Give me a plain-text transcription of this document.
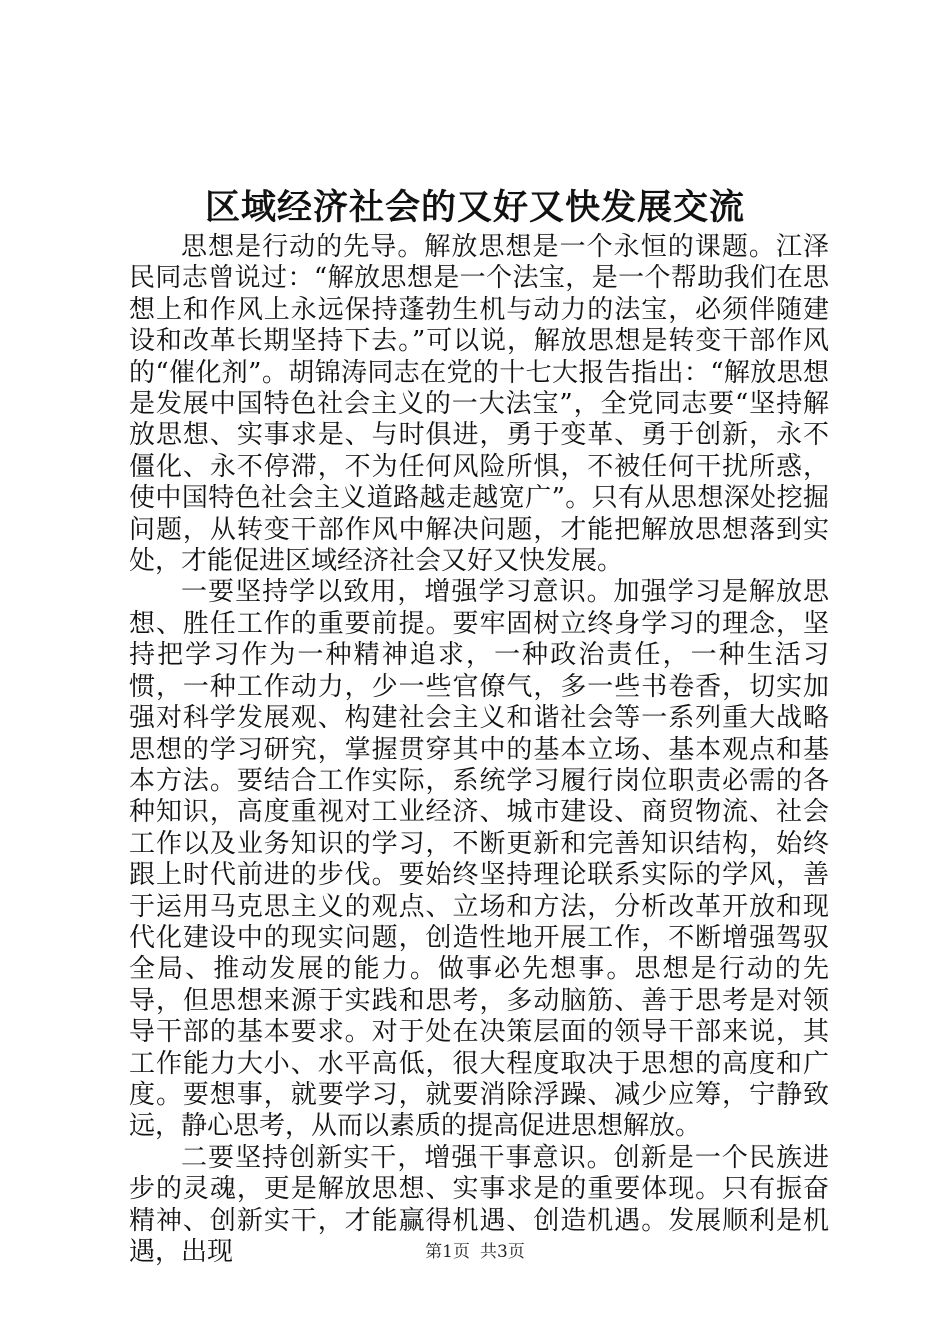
区域经济社会的又好又快发展交流

思想是行动的先导。解放思想是一个永恒的课题。江泽民同志曾说过：“解放思想是一个法宝，是一个帮助我们在思想上和作风上永远保持蓬勃生机与动力的法宝，必须伴随建设和改革长期坚持下去。”可以说，解放思想是转变干部作风的“催化剂”。胡锦涛同志在党的十七大报告指出：“解放思想是发展中国特色社会主义的一大法宝”，全党同志要“坚持解放思想、实事求是、与时俱进，勇于变革、勇于创新，永不僵化、永不停滞，不为任何风险所惧，不被任何干扰所惑，使中国特色社会主义道路越走越宽广”。只有从思想深处挖掘问题，从转变干部作风中解决问题，才能把解放思想落到实处，才能促进区域经济社会又好又快发展。

一要坚持学以致用，增强学习意识。加强学习是解放思想、胜任工作的重要前提。要牢固树立终身学习的理念，坚持把学习作为一种精神追求，一种政治责任，一种生活习惯，一种工作动力，少一些官僚气，多一些书卷香，切实加强对科学发展观、构建社会主义和谐社会等一系列重大战略思想的学习研究，掌握贯穿其中的基本立场、基本观点和基本方法。要结合工作实际，系统学习履行岗位职责必需的各种知识，高度重视对工业经济、城市建设、商贸物流、社会工作以及业务知识的学习，不断更新和完善知识结构，始终跟上时代前进的步伐。要始终坚持理论联系实际的学风，善于运用马克思主义的观点、立场和方法，分析改革开放和现代化建设中的现实问题，创造性地开展工作，不断增强驾驭全局、推动发展的能力。做事必先想事。思想是行动的先导，但思想来源于实践和思考，多动脑筋、善于思考是对领导干部的基本要求。对于处在决策层面的领导干部来说，其工作能力大小、水平高低，很大程度取决于思想的高度和广度。要想事，就要学习，就要消除浮躁、减少应筹，宁静致远，静心思考，从而以素质的提高促进思想解放。

二要坚持创新实干，增强干事意识。创新是一个民族进步的灵魂，更是解放思想、实事求是的重要体现。只有振奋精神、创新实干，才能赢得机遇、创造机遇。发展顺利是机遇，出现	第1页 共3页
